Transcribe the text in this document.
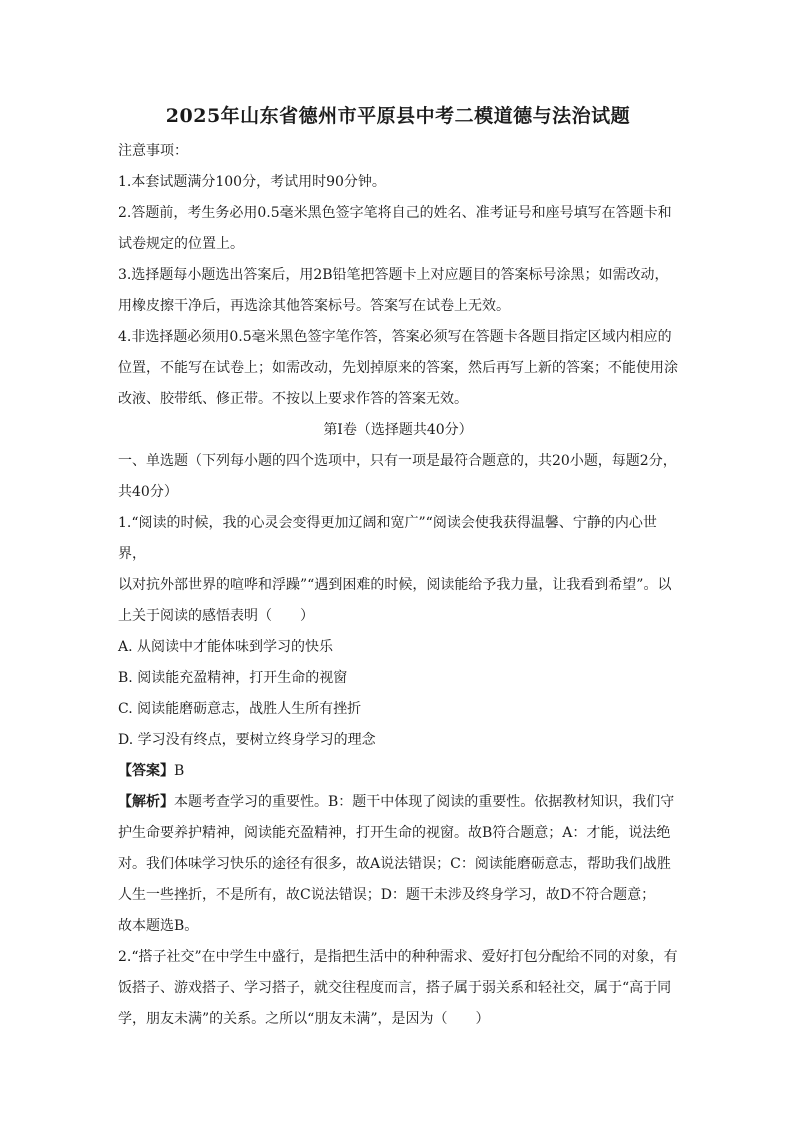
2025年山东省德州市平原县中考二模道德与法治试题

注意事项：

1.本套试题满分100分，考试用时90分钟。

2.答题前，考生务必用0.5毫米黑色签字笔将自己的姓名、准考证号和座号填写在答题卡和

试卷规定的位置上。

3.选择题每小题选出答案后，用2B铅笔把答题卡上对应题目的答案标号涂黑；如需改动，

用橡皮擦干净后，再选涂其他答案标号。答案写在试卷上无效。

4.非选择题必须用0.5毫米黑色签字笔作答，答案必须写在答题卡各题目指定区域内相应的

位置，不能写在试卷上；如需改动，先划掉原来的答案，然后再写上新的答案；不能使用涂

改液、胶带纸、修正带。不按以上要求作答的答案无效。

第Ⅰ卷（选择题共40分）

一、单选题（下列每小题的四个选项中，只有一项是最符合题意的，共20小题，每题2分，

共40分）

1.“阅读的时候，我的心灵会变得更加辽阔和宽广”“阅读会使我获得温馨、宁静的内心世界，

以对抗外部世界的喧哗和浮躁”“遇到困难的时候，阅读能给予我力量，让我看到希望”。以

上关于阅读的感悟表明（　　）

A. 从阅读中才能体味到学习的快乐

B. 阅读能充盈精神，打开生命的视窗

C. 阅读能磨砺意志，战胜人生所有挫折

D. 学习没有终点，要树立终身学习的理念

【答案】B

【解析】本题考查学习的重要性。B：题干中体现了阅读的重要性。依据教材知识，我们守

护生命要养护精神，阅读能充盈精神，打开生命的视窗。故B符合题意；A：才能，说法绝

对。我们体味学习快乐的途径有很多，故A说法错误；C：阅读能磨砺意志，帮助我们战胜

人生一些挫折，不是所有，故C说法错误；D：题干未涉及终身学习，故D不符合题意；

故本题选B。

2.“搭子社交”在中学生中盛行，是指把生活中的种种需求、爱好打包分配给不同的对象，有

饭搭子、游戏搭子、学习搭子，就交往程度而言，搭子属于弱关系和轻社交，属于“高于同

学，朋友未满”的关系。之所以“朋友未满”，是因为（　　）
